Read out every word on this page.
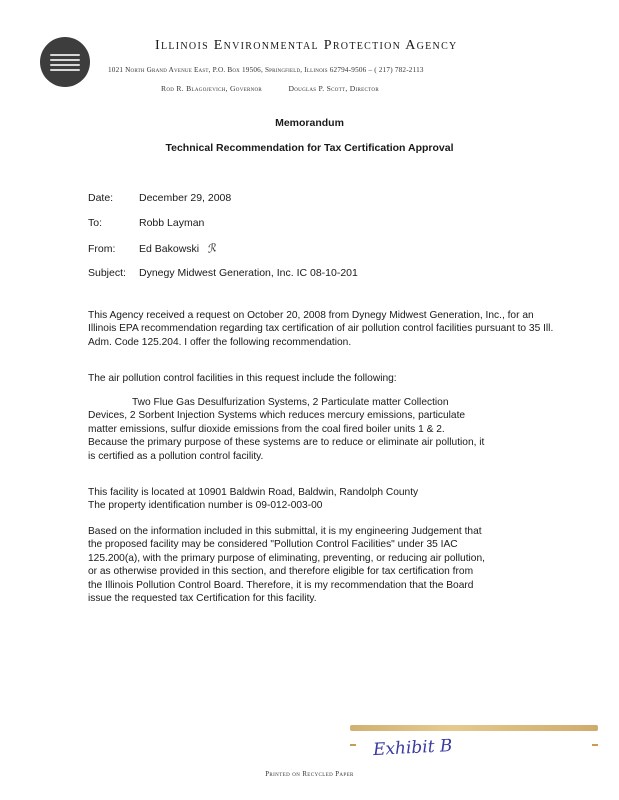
Illinois Environmental Protection Agency
1021 North Grand Avenue East, P.O. Box 19506, Springfield, Illinois 62794-9506 – ( 217) 782-2113
Rod R. Blagojevich, Governor	Douglas P. Scott, Director
Memorandum
Technical Recommendation for Tax Certification Approval
Date: December 29, 2008
To:	Robb Layman
From: Ed Bakowski ℛ
Subject: Dynegy Midwest Generation, Inc. IC 08-10-201
This Agency received a request on October 20, 2008 from Dynegy Midwest Generation, Inc., for an
Illinois EPA recommendation regarding tax certification of air pollution control facilities pursuant to 35 Ill.
Adm. Code 125.204. I offer the following recommendation.
The air pollution control facilities in this request include the following:
Two Flue Gas Desulfurization Systems, 2 Particulate matter Collection
Devices, 2 Sorbent Injection Systems which reduces mercury emissions, particulate
matter emissions, sulfur dioxide emissions from the coal fired boiler units 1 & 2.
Because the primary purpose of these systems are to reduce or eliminate air pollution, it
is certified as a pollution control facility.
This facility is located at 10901 Baldwin Road, Baldwin, Randolph County
The property identification number is 09-012-003-00
Based on the information included in this submittal, it is my engineering Judgement that
the proposed facility may be considered "Pollution Control Facilities" under 35 IAC
125.200(a), with the primary purpose of eliminating, preventing, or reducing air pollution,
or as otherwise provided in this section, and therefore eligible for tax certification from
the Illinois Pollution Control Board. Therefore, it is my recommendation that the Board
issue the requested tax Certification for this facility.
Exhibit B
Printed on Recycled Paper
